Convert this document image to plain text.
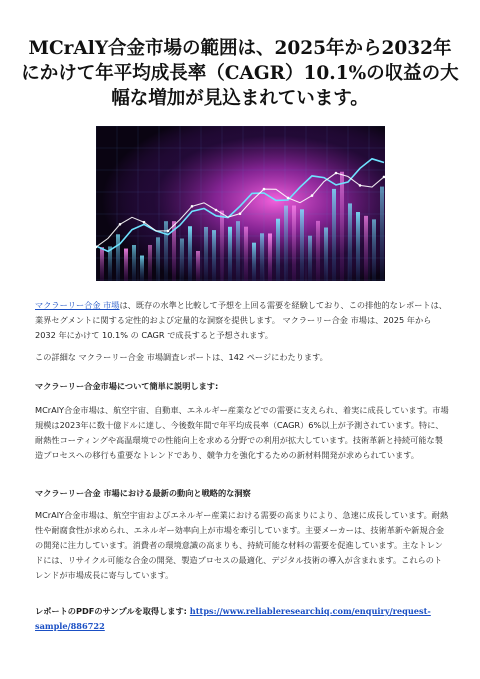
MCrAlY合金市場の範囲は、2025年から2032年にかけて年平均成長率（CAGR）10.1%の収益の大幅な増加が見込まれています。

マクラーリー合金 市場は、既存の水準と比較して予想を上回る需要を経験しており、この排他的なレポートは、業界セグメントに関する定性的および定量的な洞察を提供します。 マクラーリー合金 市場は、2025 年から 2032 年にかけて 10.1% の CAGR で成長すると予想されます。

この詳細な マクラーリー合金 市場調査レポートは、142 ページにわたります。

マクラーリー合金市場について簡単に説明します:

MCrAlY合金市場は、航空宇宙、自動車、エネルギー産業などでの需要に支えられ、着実に成長しています。市場規模は2023年に数十億ドルに達し、今後数年間で年平均成長率（CAGR）6%以上が予測されています。特に、耐熱性コーティングや高温環境での性能向上を求める分野での利用が拡大しています。技術革新と持続可能な製造プロセスへの移行も重要なトレンドであり、競争力を強化するための新材料開発が求められています。

マクラーリー合金 市場における最新の動向と戦略的な洞察

MCrAlY合金市場は、航空宇宙およびエネルギー産業における需要の高まりにより、急速に成長しています。耐熱性や耐腐食性が求められ、エネルギー効率向上が市場を牽引しています。主要メーカーは、技術革新や新規合金の開発に注力しています。消費者の環境意識の高まりも、持続可能な材料の需要を促進しています。主なトレンドには、リサイクル可能な合金の開発、製造プロセスの最適化、デジタル技術の導入が含まれます。これらのトレンドが市場成長に寄与しています。

レポートのPDFのサンプルを取得します: https://www.reliableresearchiq.com/enquiry/request-sample/886722
